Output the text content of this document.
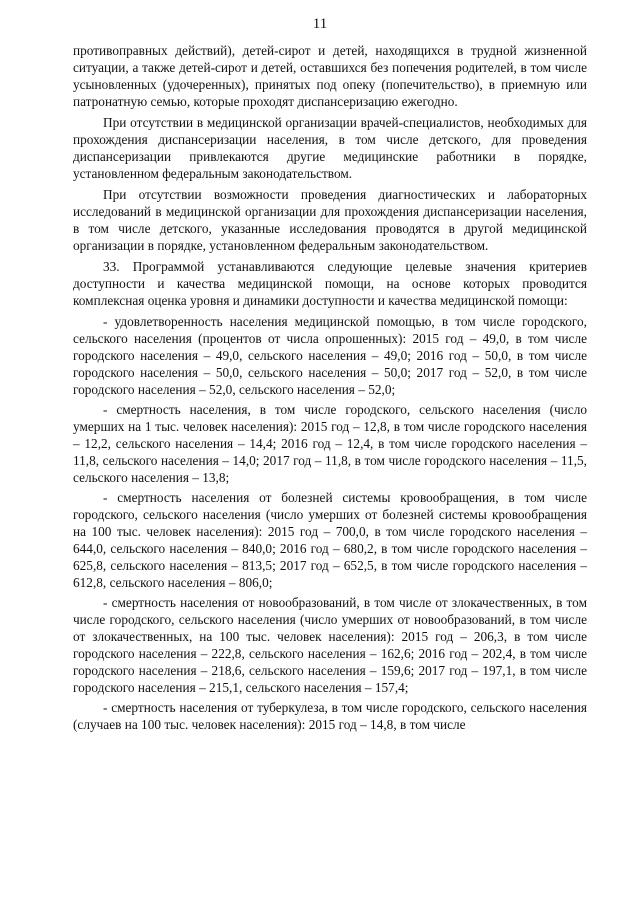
11

противоправных действий), детей-сирот и детей, находящихся в трудной жизненной ситуации, а также детей-сирот и детей, оставшихся без попечения родителей, в том числе усыновленных (удочеренных), принятых под опеку (попечительство), в приемную или патронатную семью, которые проходят диспансеризацию ежегодно.

При отсутствии в медицинской организации врачей-специалистов, необходимых для прохождения диспансеризации населения, в том числе детского, для проведения диспансеризации привлекаются другие медицинские работники в порядке, установленном федеральным законодательством.

При отсутствии возможности проведения диагностических и лабораторных исследований в медицинской организации для прохождения диспансеризации населения, в том числе детского, указанные исследования проводятся в другой медицинской организации в порядке, установленном федеральным законодательством.

33. Программой устанавливаются следующие целевые значения критериев доступности и качества медицинской помощи, на основе которых проводится комплексная оценка уровня и динамики доступности и качества медицинской помощи:

- удовлетворенность населения медицинской помощью, в том числе городского, сельского населения (процентов от числа опрошенных): 2015 год – 49,0, в том числе городского населения – 49,0, сельского населения – 49,0; 2016 год – 50,0, в том числе городского населения – 50,0, сельского населения – 50,0; 2017 год – 52,0, в том числе городского населения – 52,0, сельского населения – 52,0;

- смертность населения, в том числе городского, сельского населения (число умерших на 1 тыс. человек населения): 2015 год – 12,8, в том числе городского населения – 12,2, сельского населения – 14,4; 2016 год – 12,4, в том числе городского населения – 11,8, сельского населения – 14,0; 2017 год – 11,8, в том числе городского населения – 11,5, сельского населения – 13,8;

- смертность населения от болезней системы кровообращения, в том числе городского, сельского населения (число умерших от болезней системы кровообращения на 100 тыс. человек населения): 2015 год – 700,0, в том числе городского населения – 644,0, сельского населения – 840,0; 2016 год – 680,2, в том числе городского населения – 625,8, сельского населения – 813,5; 2017 год – 652,5, в том числе городского населения – 612,8, сельского населения – 806,0;

- смертность населения от новообразований, в том числе от злокачественных, в том числе городского, сельского населения (число умерших от новообразований, в том числе от злокачественных, на 100 тыс. человек населения): 2015 год – 206,3, в том числе городского населения – 222,8, сельского населения – 162,6; 2016 год – 202,4, в том числе городского населения – 218,6, сельского населения – 159,6; 2017 год – 197,1, в том числе городского населения – 215,1, сельского населения – 157,4;

- смертность населения от туберкулеза, в том числе городского, сельского населения (случаев на 100 тыс. человек населения): 2015 год – 14,8, в том числе
